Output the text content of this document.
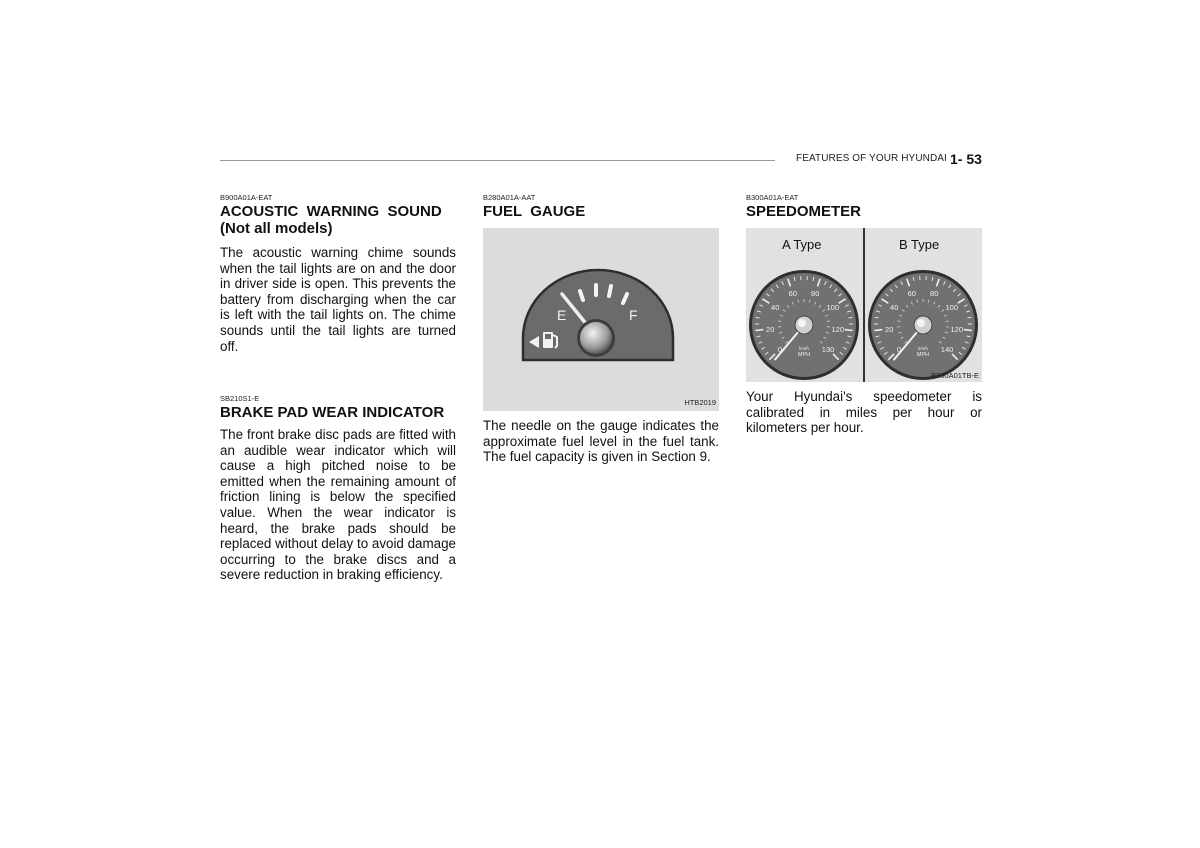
FEATURES OF YOUR HYUNDAI 1- 53
B900A01A-EAT
ACOUSTIC  WARNING  SOUND
(Not all models)
The acoustic warning chime sounds when the tail lights are on and the door in driver side is open. This prevents the battery from discharging when the car is left with the tail lights on. The chime sounds until the tail lights are turned off.
SB210S1-E
BRAKE PAD WEAR INDICATOR
The front brake disc pads are fitted with an audible wear indicator which will cause a high pitched noise to be emitted when the remaining amount of friction lining is below the specified value. When the wear indicator is heard, the brake pads should be replaced without delay to avoid damage occurring to the brake discs and a severe reduction in braking efficiency.
B280A01A-AAT
FUEL  GAUGE
E	F
HTB2019
The needle on the gauge indicates the approximate fuel level in the fuel tank. The fuel capacity is given in Section 9.
B300A01A-EAT
SPEEDOMETER
A Type	B Type
0
20
40
60 80
100
120
130
km/h
MPH
0
20
40
60 80
100
120
140
km/h
MPH
B300A01TB-E
Your Hyundai's speedometer is calibrated in miles per hour or kilometers per hour.
